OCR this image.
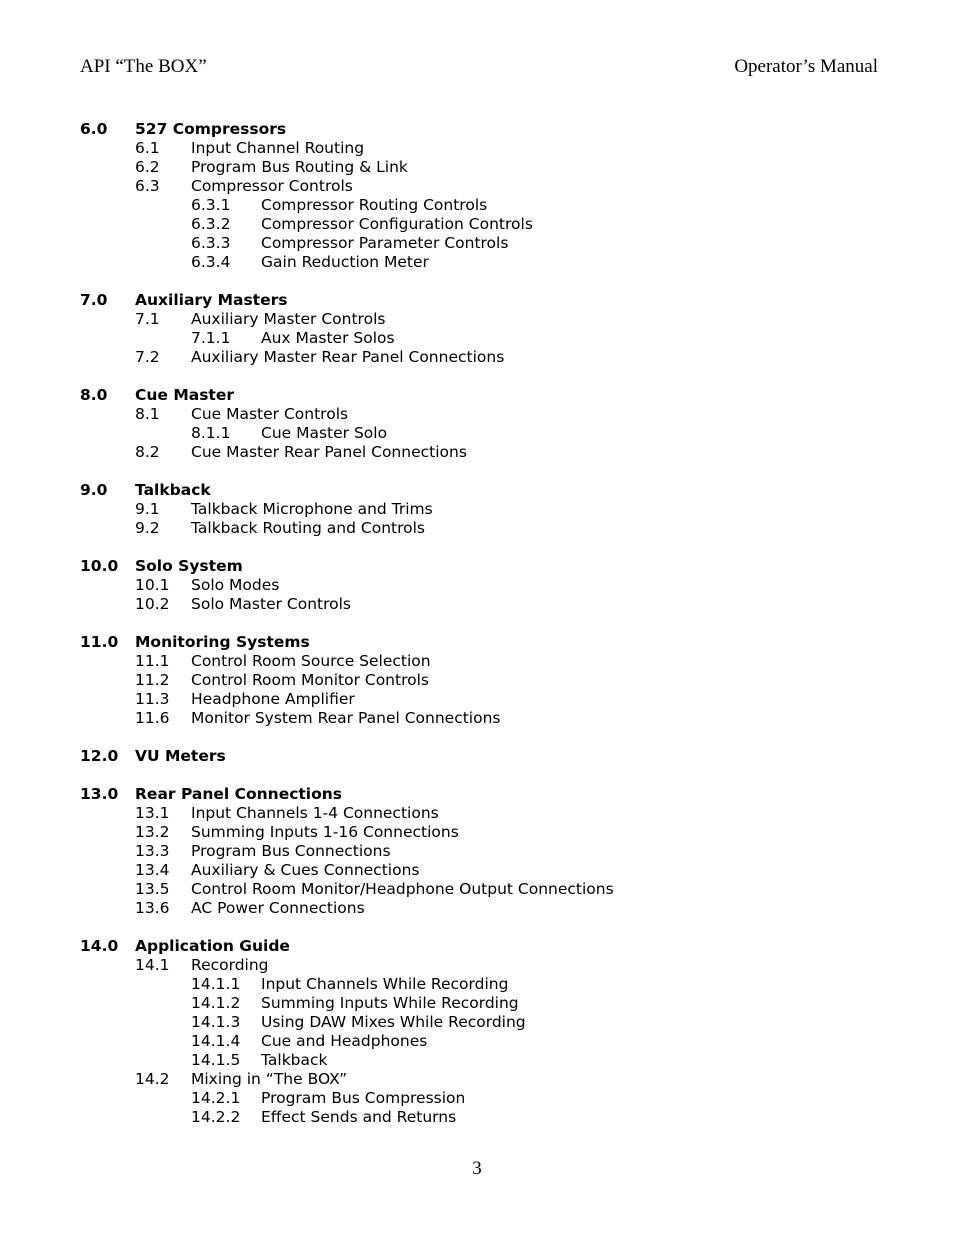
API “The BOX”	Operator’s Manual
6.0 527 Compressors
6.1 Input Channel Routing
6.2 Program Bus Routing & Link
6.3 Compressor Controls
6.3.1 Compressor Routing Controls
6.3.2 Compressor Configuration Controls
6.3.3 Compressor Parameter Controls
6.3.4 Gain Reduction Meter
7.0 Auxiliary Masters
7.1 Auxiliary Master Controls
7.1.1 Aux Master Solos
7.2 Auxiliary Master Rear Panel Connections
8.0 Cue Master
8.1 Cue Master Controls
8.1.1 Cue Master Solo
8.2 Cue Master Rear Panel Connections
9.0 Talkback
9.1 Talkback Microphone and Trims
9.2 Talkback Routing and Controls
10.0 Solo System
10.1 Solo Modes
10.2 Solo Master Controls
11.0 Monitoring Systems
11.1 Control Room Source Selection
11.2 Control Room Monitor Controls
11.3 Headphone Amplifier
11.6 Monitor System Rear Panel Connections
12.0 VU Meters
13.0 Rear Panel Connections
13.1 Input Channels 1-4 Connections
13.2 Summing Inputs 1-16 Connections
13.3 Program Bus Connections
13.4 Auxiliary & Cues Connections
13.5 Control Room Monitor/Headphone Output Connections
13.6 AC Power Connections
14.0 Application Guide
14.1 Recording
14.1.1 Input Channels While Recording
14.1.2 Summing Inputs While Recording
14.1.3 Using DAW Mixes While Recording
14.1.4 Cue and Headphones
14.1.5 Talkback
14.2 Mixing in “The BOX”
14.2.1 Program Bus Compression
14.2.2 Effect Sends and Returns
3
